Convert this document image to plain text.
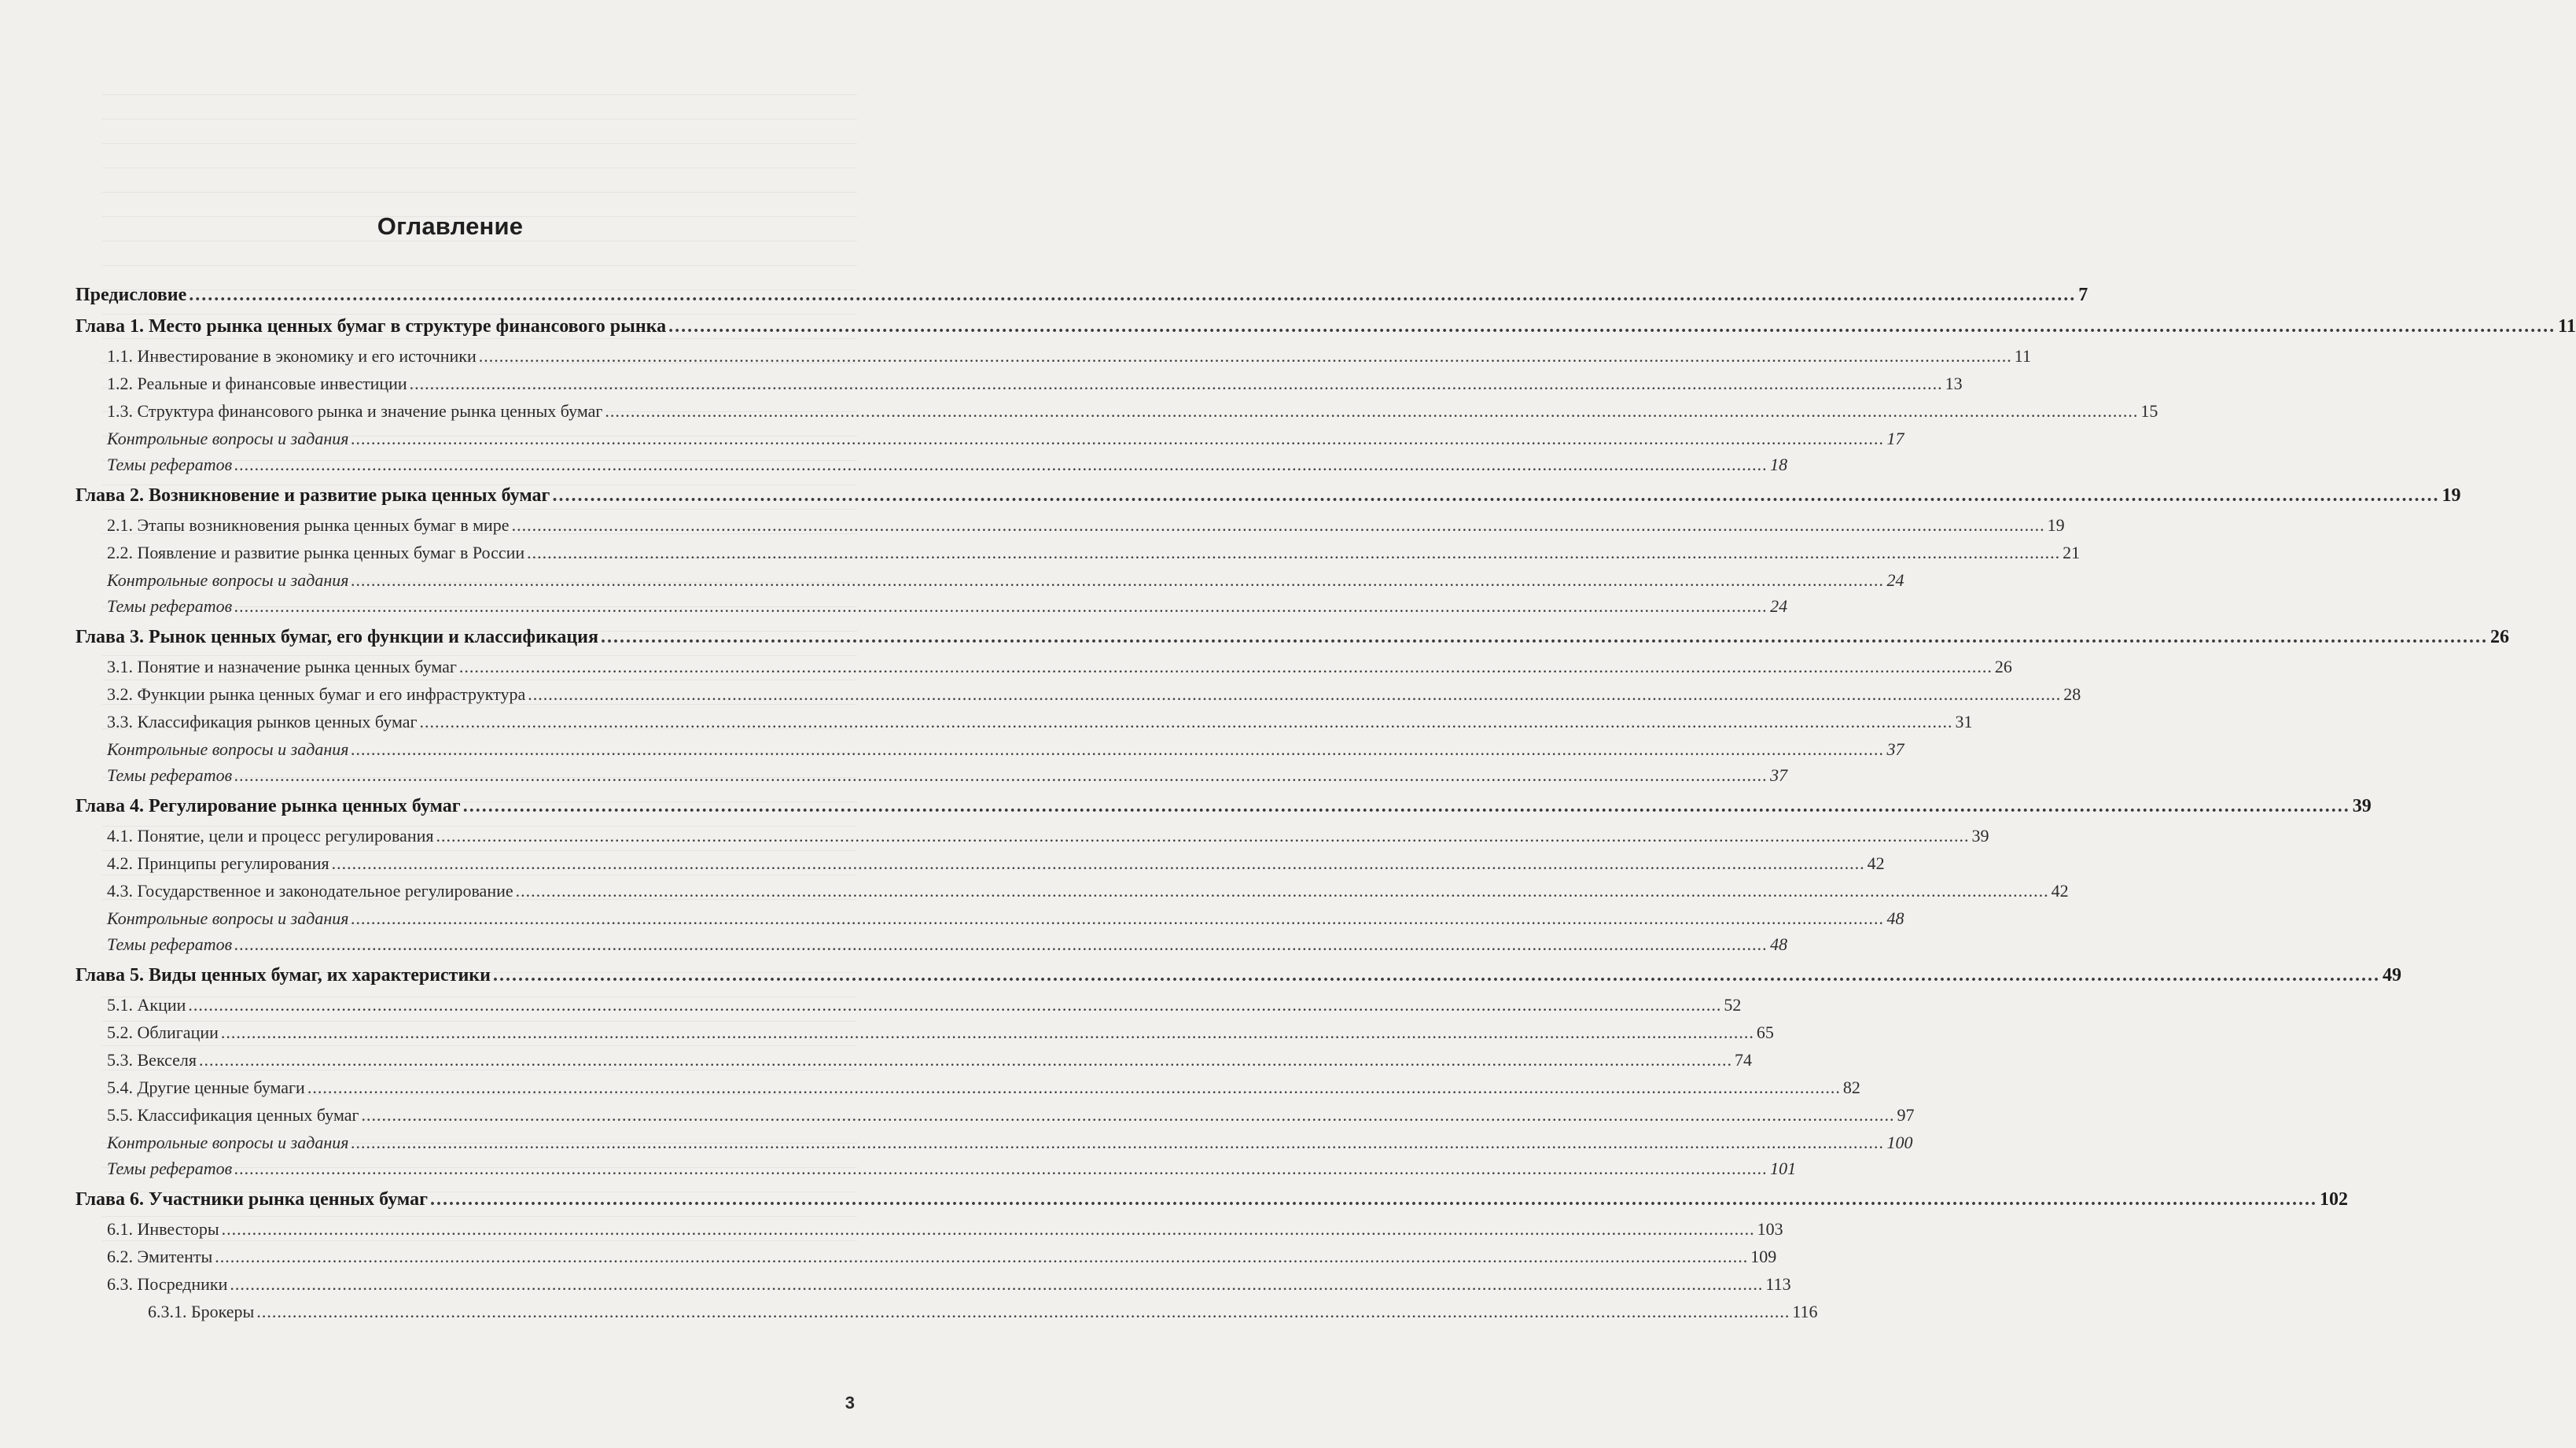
Оглавление
Предисловие ............................................................................................................................................................................................................................................................................................................ 7
Глава 1. Место рынка ценных бумаг в структуре финансового рынка ............................................................................................................................................................................................................................................................................................................ 11
1.1. Инвестирование в экономику и его источники ............................................................................................................................................................................................................................................................................................................ 11
1.2. Реальные и финансовые инвестиции ............................................................................................................................................................................................................................................................................................................ 13
1.3. Структура финансового рынка и значение рынка ценных бумаг ............................................................................................................................................................................................................................................................................................................ 15
Контрольные вопросы и задания ............................................................................................................................................................................................................................................................................................................ 17
Темы рефератов ............................................................................................................................................................................................................................................................................................................ 18
Глава 2. Возникновение и развитие рыка ценных бумаг ............................................................................................................................................................................................................................................................................................................ 19
2.1. Этапы возникновения рынка ценных бумаг в мире ............................................................................................................................................................................................................................................................................................................ 19
2.2. Появление и развитие рынка ценных бумаг в России ............................................................................................................................................................................................................................................................................................................ 21
Контрольные вопросы и задания ............................................................................................................................................................................................................................................................................................................ 24
Темы рефератов ............................................................................................................................................................................................................................................................................................................ 24
Глава 3. Рынок ценных бумаг, его функции и классификация ............................................................................................................................................................................................................................................................................................................ 26
3.1. Понятие и назначение рынка ценных бумаг ............................................................................................................................................................................................................................................................................................................ 26
3.2. Функции рынка ценных бумаг и его инфраструктура ............................................................................................................................................................................................................................................................................................................ 28
3.3. Классификация рынков ценных бумаг ............................................................................................................................................................................................................................................................................................................ 31
Контрольные вопросы и задания ............................................................................................................................................................................................................................................................................................................ 37
Темы рефератов ............................................................................................................................................................................................................................................................................................................ 37
Глава 4. Регулирование рынка ценных бумаг ............................................................................................................................................................................................................................................................................................................ 39
4.1. Понятие, цели и процесс регулирования ............................................................................................................................................................................................................................................................................................................ 39
4.2. Принципы регулирования ............................................................................................................................................................................................................................................................................................................ 42
4.3. Государственное и законодательное регулирование ............................................................................................................................................................................................................................................................................................................ 42
Контрольные вопросы и задания ............................................................................................................................................................................................................................................................................................................ 48
Темы рефератов ............................................................................................................................................................................................................................................................................................................ 48
Глава 5. Виды ценных бумаг, их характеристики ............................................................................................................................................................................................................................................................................................................ 49
5.1. Акции ............................................................................................................................................................................................................................................................................................................ 52
5.2. Облигации ............................................................................................................................................................................................................................................................................................................ 65
5.3. Векселя ............................................................................................................................................................................................................................................................................................................ 74
5.4. Другие ценные бумаги ............................................................................................................................................................................................................................................................................................................ 82
5.5. Классификация ценных бумаг ............................................................................................................................................................................................................................................................................................................ 97
Контрольные вопросы и задания ............................................................................................................................................................................................................................................................................................................ 100
Темы рефератов ............................................................................................................................................................................................................................................................................................................ 101
Глава 6. Участники рынка ценных бумаг ............................................................................................................................................................................................................................................................................................................ 102
6.1. Инвесторы ............................................................................................................................................................................................................................................................................................................ 103
6.2. Эмитенты ............................................................................................................................................................................................................................................................................................................ 109
6.3. Посредники ............................................................................................................................................................................................................................................................................................................ 113
6.3.1. Брокеры ............................................................................................................................................................................................................................................................................................................ 116
3
